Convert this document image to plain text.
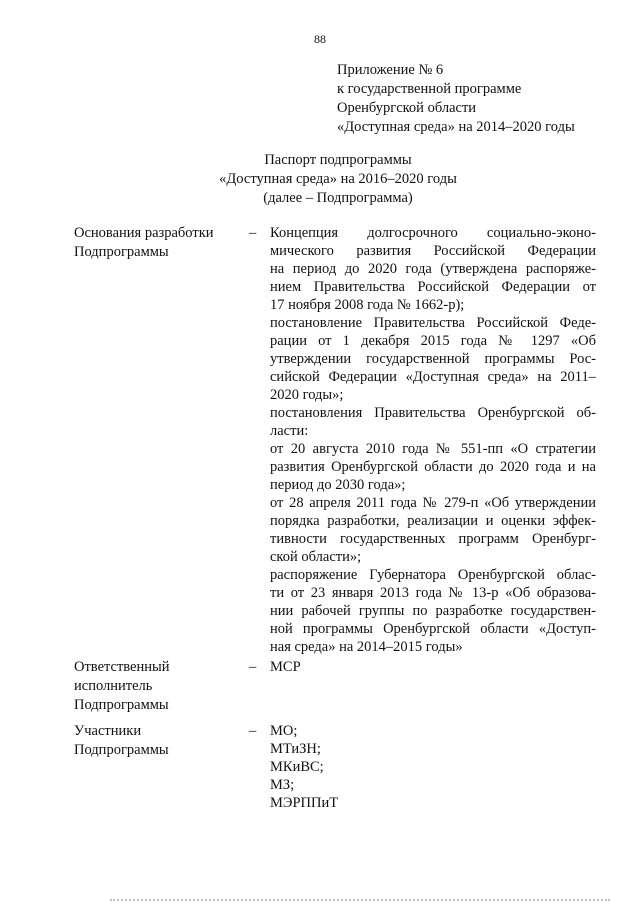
88
Приложение № 6
к государственной программе
Оренбургской области
«Доступная среда» на 2014–2020 годы
Паспорт подпрограммы
«Доступная среда» на 2016–2020 годы
(далее – Подпрограмма)
Основания разработки
Подпрограммы
– Концепция долгосрочного социально-эконо-
мического развития Российской Федерации
на период до 2020 года (утверждена распоряже-
нием Правительства Российской Федерации от
17 ноября 2008 года № 1662-р);
постановление Правительства Российской Феде-
рации от 1 декабря 2015 года № 1297 «Об
утверждении государственной программы Рос-
сийской Федерации «Доступная среда» на 2011–
2020 годы»;
постановления Правительства Оренбургской об-
ласти:
от 20 августа 2010 года № 551-пп «О стратегии
развития Оренбургской области до 2020 года и на
период до 2030 года»;
от 28 апреля 2011 года № 279-п «Об утверждении
порядка разработки, реализации и оценки эффек-
тивности государственных программ Оренбург-
ской области»;
распоряжение Губернатора Оренбургской облас-
ти от 23 января 2013 года № 13-р «Об образова-
нии рабочей группы по разработке государствен-
ной программы Оренбургской области «Доступ-
ная среда» на 2014–2015 годы»
Ответственный
исполнитель
Подпрограммы
– МСР
Участники
Подпрограммы
– МО;
МТиЗН;
МКиВС;
МЗ;
МЭРППиТ
